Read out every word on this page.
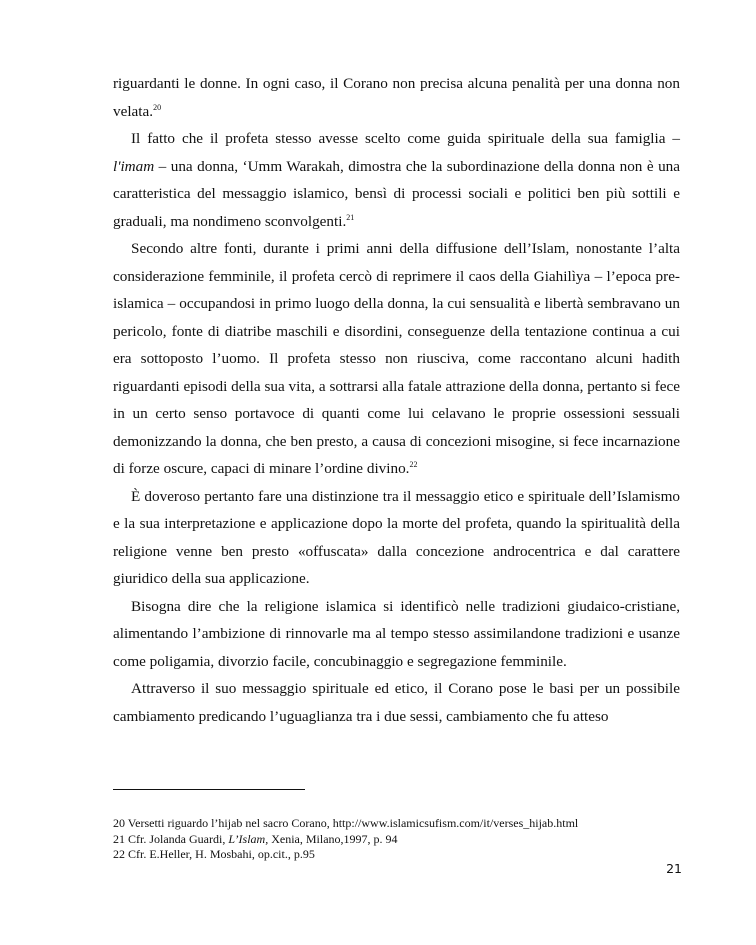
riguardanti le donne. In ogni caso, il Corano non precisa alcuna penalità per una donna non velata.$^{20}$

Il fatto che il profeta stesso avesse scelto come guida spirituale della sua famiglia – l'imam – una donna, ‘Umm Warakah, dimostra che la subordinazione della donna non è una caratteristica del messaggio islamico, bensì di processi sociali e politici ben più sottili e graduali, ma nondimeno sconvolgenti.$^{21}$

Secondo altre fonti, durante i primi anni della diffusione dell’Islam, nonostante l’alta considerazione femminile, il profeta cercò di reprimere il caos della Giahilìya – l’epoca pre-islamica – occupandosi in primo luogo della donna, la cui sensualità e libertà sembravano un pericolo, fonte di diatribe maschili e disordini, conseguenze della tentazione continua a cui era sottoposto l’uomo. Il profeta stesso non riusciva, come raccontano alcuni hadith riguardanti episodi della sua vita, a sottrarsi alla fatale attrazione della donna, pertanto si fece in un certo senso portavoce di quanti come lui celavano le proprie ossessioni sessuali demonizzando la donna, che ben presto, a causa di concezioni misogine, si fece incarnazione di forze oscure, capaci di minare l’ordine divino.$^{22}$

È doveroso pertanto fare una distinzione tra il messaggio etico e spirituale dell’Islamismo e la sua interpretazione e applicazione dopo la morte del profeta, quando la spiritualità della religione venne ben presto «offuscata» dalla concezione androcentrica e dal carattere giuridico della sua applicazione.

Bisogna dire che la religione islamica si identificò nelle tradizioni giudaico-cristiane, alimentando l’ambizione di rinnovarle ma al tempo stesso assimilandone tradizioni e usanze come poligamia, divorzio facile, concubinaggio e segregazione femminile.

Attraverso il suo messaggio spirituale ed etico, il Corano pose le basi per un possibile cambiamento predicando l’uguaglianza tra i due sessi, cambiamento che fu atteso

20 Versetti riguardo l’hijab nel sacro Corano, http://www.islamicsufism.com/it/verses_hijab.html

21 Cfr. Jolanda Guardi, L’Islam, Xenia, Milano,1997, p. 94

22 Cfr. E.Heller, H. Mosbahi, op.cit., p.95

21
